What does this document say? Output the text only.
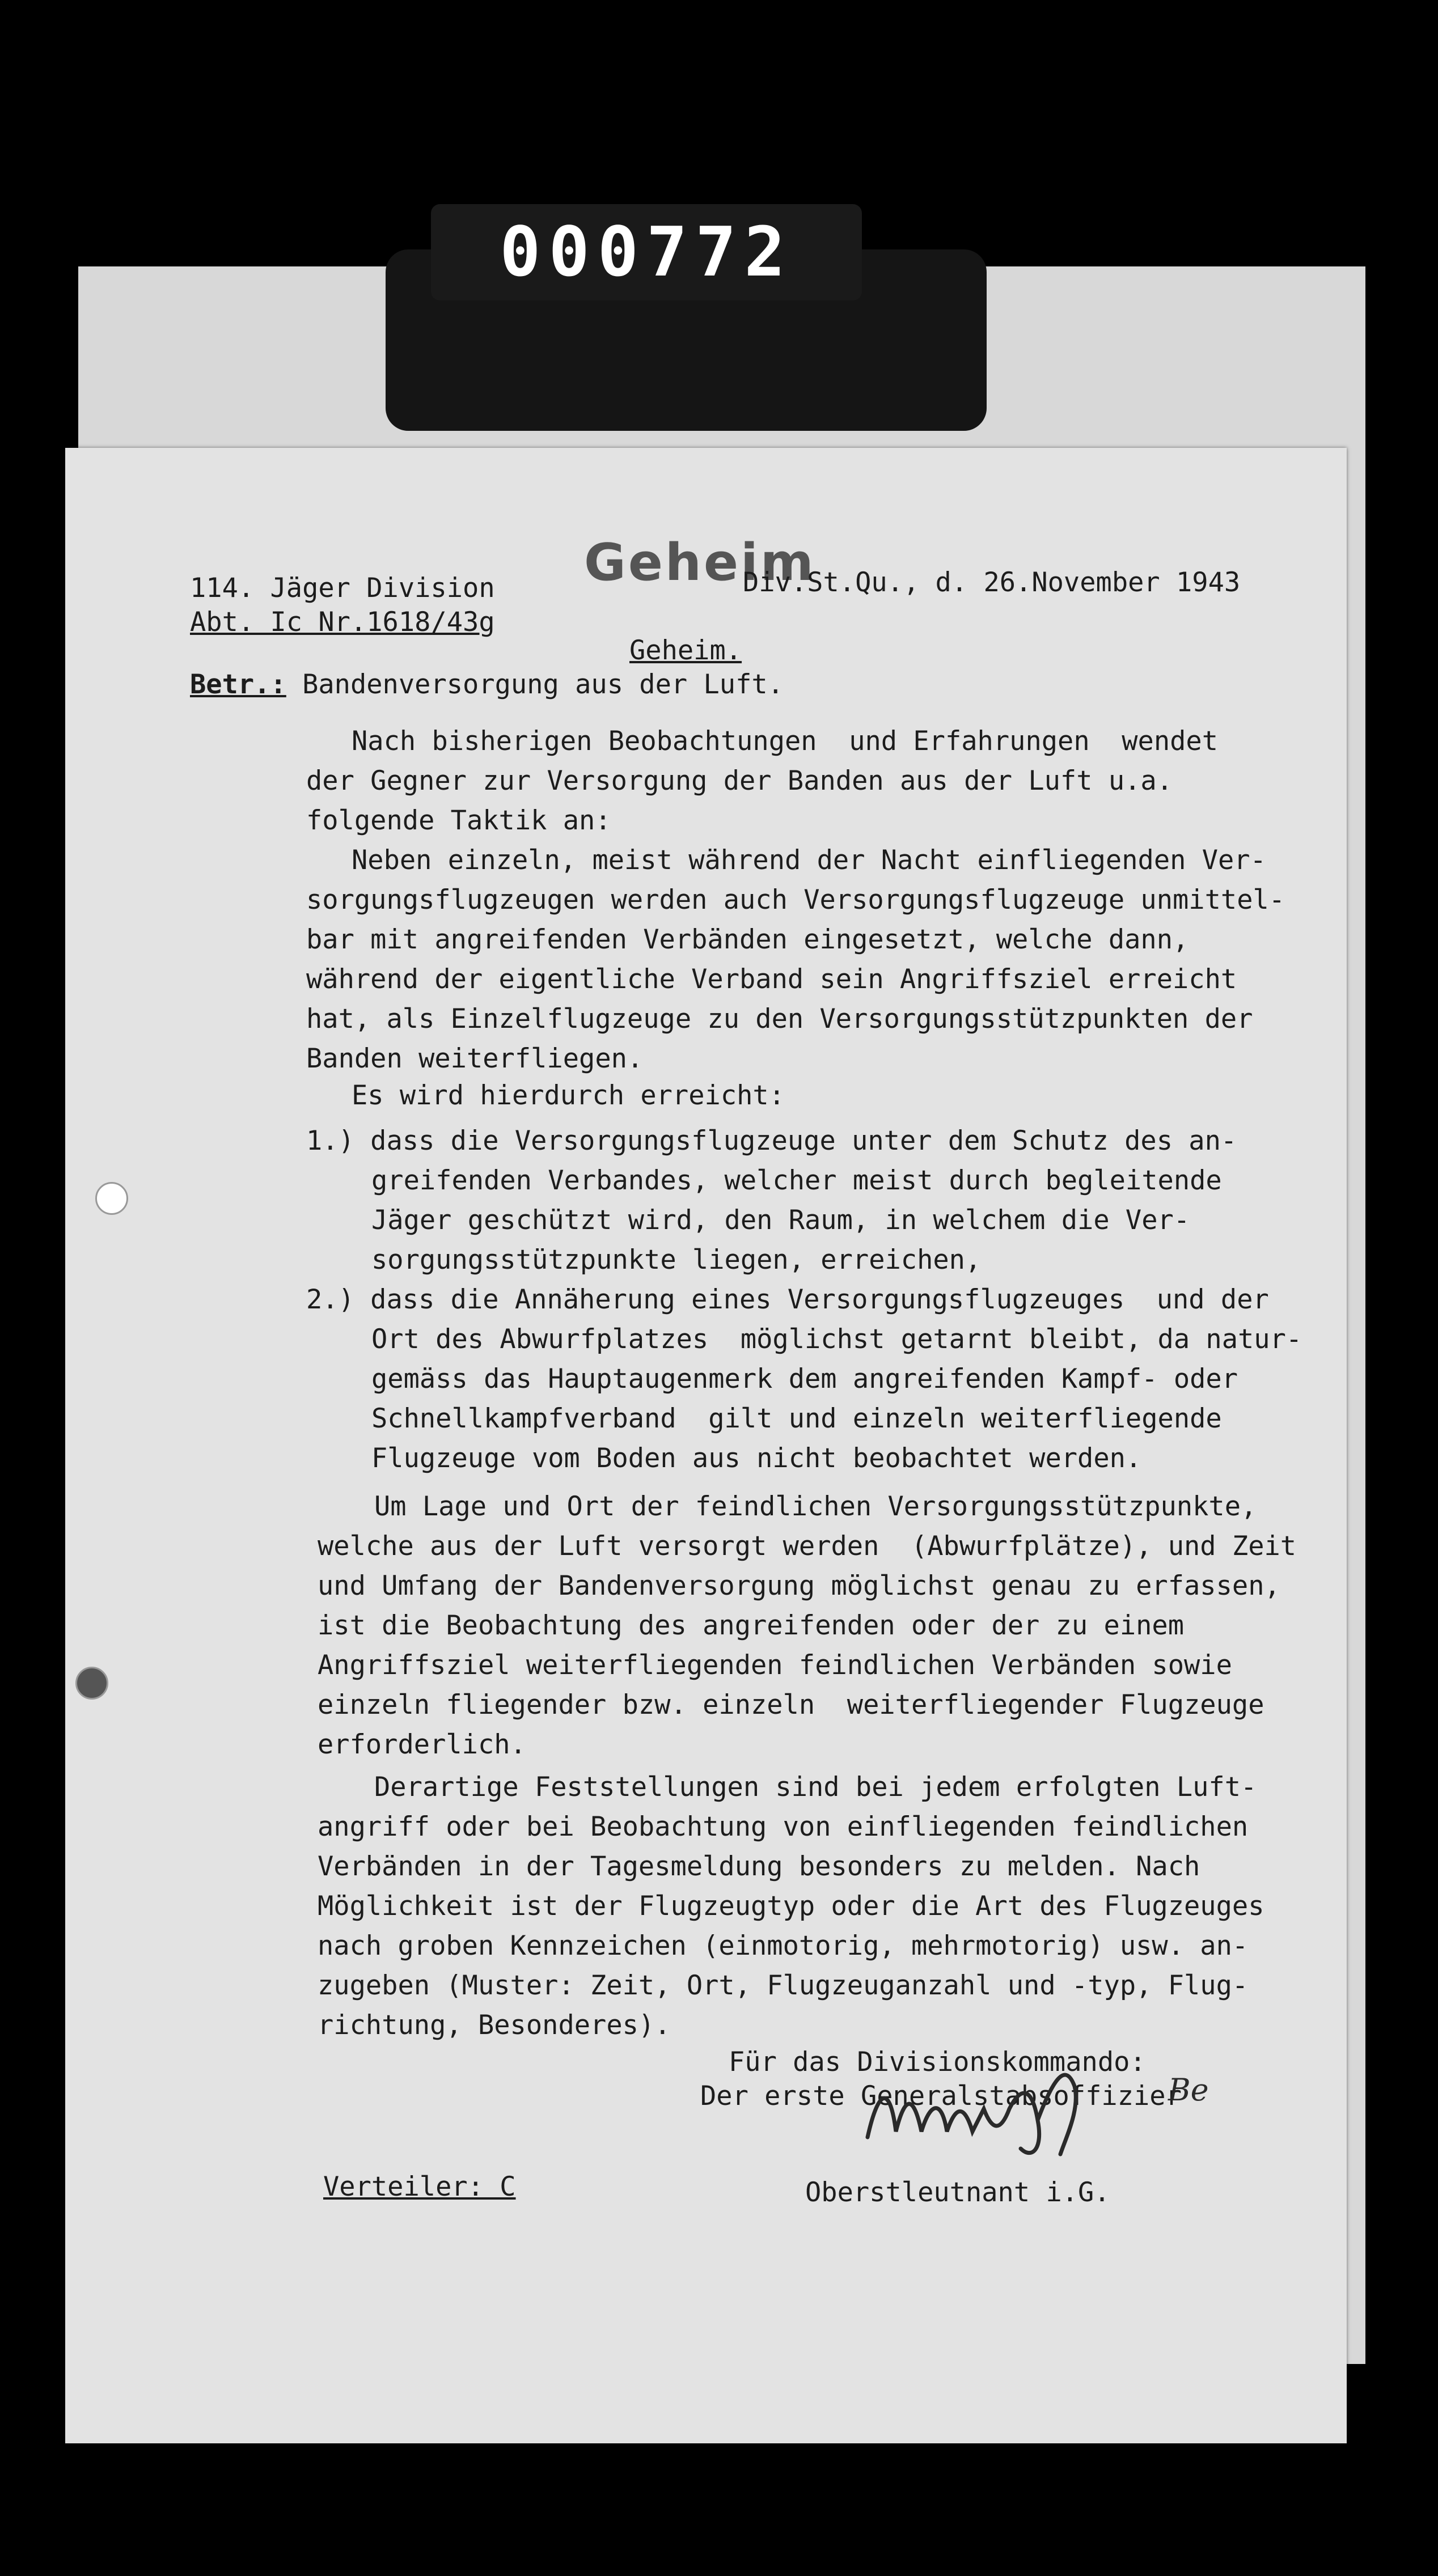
000772
Geheim
114. Jäger Division
Abt. Ic Nr.1618/43g
Div.St.Qu., d. 26.November 1943
Geheim.
Betr.: Bandenversorgung aus der Luft.
Nach bisherigen Beobachtungen  und Erfahrungen  wendet
der Gegner zur Versorgung der Banden aus der Luft u.a.
folgende Taktik an:
Neben einzeln, meist während der Nacht einfliegenden Ver-
sorgungsflugzeugen werden auch Versorgungsflugzeuge unmittel-
bar mit angreifenden Verbänden eingesetzt, welche dann,
während der eigentliche Verband sein Angriffsziel erreicht
hat, als Einzelflugzeuge zu den Versorgungsstützpunkten der
Banden weiterfliegen.
Es wird hierdurch erreicht:
1.) dass die Versorgungsflugzeuge unter dem Schutz des an-
greifenden Verbandes, welcher meist durch begleitende
Jäger geschützt wird, den Raum, in welchem die Ver-
sorgungsstützpunkte liegen, erreichen,
2.) dass die Annäherung eines Versorgungsflugzeuges  und der
Ort des Abwurfplatzes  möglichst getarnt bleibt, da natur-
gemäss das Hauptaugenmerk dem angreifenden Kampf- oder
Schnellkampfverband  gilt und einzeln weiterfliegende
Flugzeuge vom Boden aus nicht beobachtet werden.
Um Lage und Ort der feindlichen Versorgungsstützpunkte,
welche aus der Luft versorgt werden  (Abwurfplätze), und Zeit
und Umfang der Bandenversorgung möglichst genau zu erfassen,
ist die Beobachtung des angreifenden oder der zu einem
Angriffsziel weiterfliegenden feindlichen Verbänden sowie
einzeln fliegender bzw. einzeln  weiterfliegender Flugzeuge
erforderlich.
Derartige Feststellungen sind bei jedem erfolgten Luft-
angriff oder bei Beobachtung von einfliegenden feindlichen
Verbänden in der Tagesmeldung besonders zu melden. Nach
Möglichkeit ist der Flugzeugtyp oder die Art des Flugzeuges
nach groben Kennzeichen (einmotorig, mehrmotorig) usw. an-
zugeben (Muster: Zeit, Ort, Flugzeuganzahl und -typ, Flug-
richtung, Besonderes).
Für das Divisionskommando:
Der erste Generalstabsoffizier
Be
Oberstleutnant i.G.
Verteiler: C
